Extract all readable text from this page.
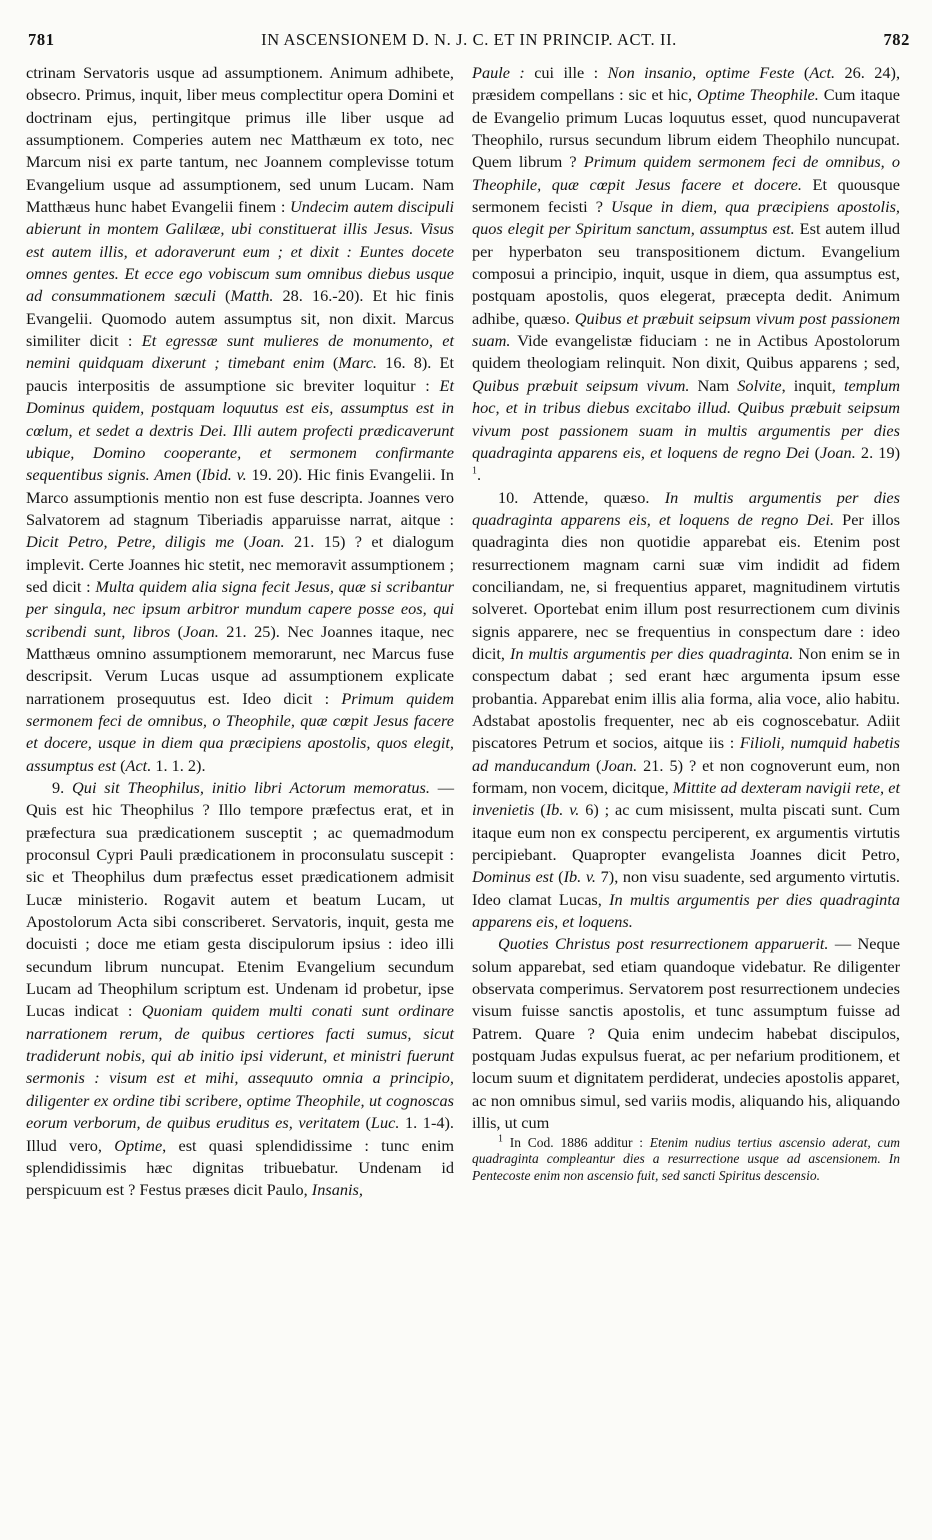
781	IN ASCENSIONEM D. N. J. C. ET IN PRINCIP. ACT. II.	782

ctrinam Servatoris usque ad assumptionem. Animum adhibete, obsecro. Primus, inquit, liber meus complectitur opera Domini et doctrinam ejus, pertingitque primus ille liber usque ad assumptionem. Comperies autem nec Matthæum ex toto, nec Marcum nisi ex parte tantum, nec Joannem complevisse totum Evangelium usque ad assumptionem, sed unum Lucam. Nam Matthæus hunc habet Evangelii finem : Undecim autem discipuli abierunt in montem Galilææ, ubi constituerat illis Jesus. Visus est autem illis, et adoraverunt eum ; et dixit : Euntes docete omnes gentes. Et ecce ego vobiscum sum omnibus diebus usque ad consummationem sæculi (Matth. 28. 16.-20). Et hic finis Evangelii. Quomodo autem assumptus sit, non dixit. Marcus similiter dicit : Et egressæ sunt mulieres de monumento, et nemini quidquam dixerunt ; timebant enim (Marc. 16. 8). Et paucis interpositis de assumptione sic breviter loquitur : Et Dominus quidem, postquam loquutus est eis, assumptus est in cœlum, et sedet a dextris Dei. Illi autem profecti prædicaverunt ubique, Domino cooperante, et sermonem confirmante sequentibus signis. Amen (Ibid. v. 19. 20). Hic finis Evangelii. In Marco assumptionis mentio non est fuse descripta. Joannes vero Salvatorem ad stagnum Tiberiadis apparuisse narrat, aitque : Dicit Petro, Petre, diligis me (Joan. 21. 15) ? et dialogum implevit. Certe Joannes hic stetit, nec memoravit assumptionem ; sed dicit : Multa quidem alia signa fecit Jesus, quæ si scribantur per singula, nec ipsum arbitror mundum capere posse eos, qui scribendi sunt, libros (Joan. 21. 25). Nec Joannes itaque, nec Matthæus omnino assumptionem memorarunt, nec Marcus fuse descripsit. Verum Lucas usque ad assumptionem explicate narrationem prosequutus est. Ideo dicit : Primum quidem sermonem feci de omnibus, o Theophile, quæ cœpit Jesus facere et docere, usque in diem qua præcipiens apostolis, quos elegit, assumptus est (Act. 1. 1. 2).

9. Qui sit Theophilus, initio libri Actorum memoratus. — Quis est hic Theophilus ? Illo tempore præfectus erat, et in præfectura sua prædicationem susceptit ; ac quemadmodum proconsul Cypri Pauli prædicationem in proconsulatu suscepit : sic et Theophilus dum præfectus esset prædicationem admisit Lucæ ministerio. Rogavit autem et beatum Lucam, ut Apostolorum Acta sibi conscriberet. Servatoris, inquit, gesta me docuisti ; doce me etiam gesta discipulorum ipsius : ideo illi secundum librum nuncupat. Etenim Evangelium secundum Lucam ad Theophilum scriptum est. Undenam id probetur, ipse Lucas indicat : Quoniam quidem multi conati sunt ordinare narrationem rerum, de quibus certiores facti sumus, sicut tradiderunt nobis, qui ab initio ipsi viderunt, et ministri fuerunt sermonis : visum est et mihi, assequuto omnia a principio, diligenter ex ordine tibi scribere, optime Theophile, ut cognoscas eorum verborum, de quibus eruditus es, veritatem (Luc. 1. 1-4). Illud vero, Optime, est quasi splendidissime : tunc enim splendidissimis hæc dignitas tribuebatur. Undenam id perspicuum est ? Festus præses dicit Paulo, Insanis,

Paule : cui ille : Non insanio, optime Feste (Act. 26. 24), præsidem compellans : sic et hic, Optime Theophile. Cum itaque de Evangelio primum Lucas loquutus esset, quod nuncupaverat Theophilo, rursus secundum librum eidem Theophilo nuncupat. Quem librum ? Primum quidem sermonem feci de omnibus, o Theophile, quæ cœpit Jesus facere et docere. Et quousque sermonem fecisti ? Usque in diem, qua præcipiens apostolis, quos elegit per Spiritum sanctum, assumptus est. Est autem illud per hyperbaton seu transpositionem dictum. Evangelium composui a principio, inquit, usque in diem, qua assumptus est, postquam apostolis, quos elegerat, præcepta dedit. Animum adhibe, quæso. Quibus et præbuit seipsum vivum post passionem suam. Vide evangelistæ fiduciam : ne in Actibus Apostolorum quidem theologiam relinquit. Non dixit, Quibus apparens ; sed, Quibus præbuit seipsum vivum. Nam Solvite, inquit, templum hoc, et in tribus diebus excitabo illud. Quibus præbuit seipsum vivum post passionem suam in multis argumentis per dies quadraginta apparens eis, et loquens de regno Dei (Joan. 2. 19) $^1$.

10. Attende, quæso. In multis argumentis per dies quadraginta apparens eis, et loquens de regno Dei. Per illos quadraginta dies non quotidie apparebat eis. Etenim post resurrectionem magnam carni suæ vim indidit ad fidem conciliandam, ne, si frequentius apparet, magnitudinem virtutis solveret. Oportebat enim illum post resurrectionem cum divinis signis apparere, nec se frequentius in conspectum dare : ideo dicit, In multis argumentis per dies quadraginta. Non enim se in conspectum dabat ; sed erant hæc argumenta ipsum esse probantia. Apparebat enim illis alia forma, alia voce, alio habitu. Adstabat apostolis frequenter, nec ab eis cognoscebatur. Adiit piscatores Petrum et socios, aitque iis : Filioli, numquid habetis ad manducandum (Joan. 21. 5) ? et non cognoverunt eum, non formam, non vocem, dicitque, Mittite ad dexteram navigii rete, et invenietis (Ib. v. 6) ; ac cum misissent, multa piscati sunt. Cum itaque eum non ex conspectu perciperent, ex argumentis virtutis percipiebant. Quapropter evangelista Joannes dicit Petro, Dominus est (Ib. v. 7), non visu suadente, sed argumento virtutis. Ideo clamat Lucas, In multis argumentis per dies quadraginta apparens eis, et loquens.

Quoties Christus post resurrectionem apparuerit. — Neque solum apparebat, sed etiam quandoque videbatur. Re diligenter observata comperimus. Servatorem post resurrectionem undecies visum fuisse sanctis apostolis, et tunc assumptum fuisse ad Patrem. Quare ? Quia enim undecim habebat discipulos, postquam Judas expulsus fuerat, ac per nefarium proditionem, et locum suum et dignitatem perdiderat, undecies apostolis apparet, ac non omnibus simul, sed variis modis, aliquando his, aliquando illis, ut cum

$^1$ In Cod. 1886 additur : Etenim nudius tertius ascensio aderat, cum quadraginta compleantur dies a resurrectione usque ad ascensionem. In Pentecoste enim non ascensio fuit, sed sancti Spiritus descensio.
